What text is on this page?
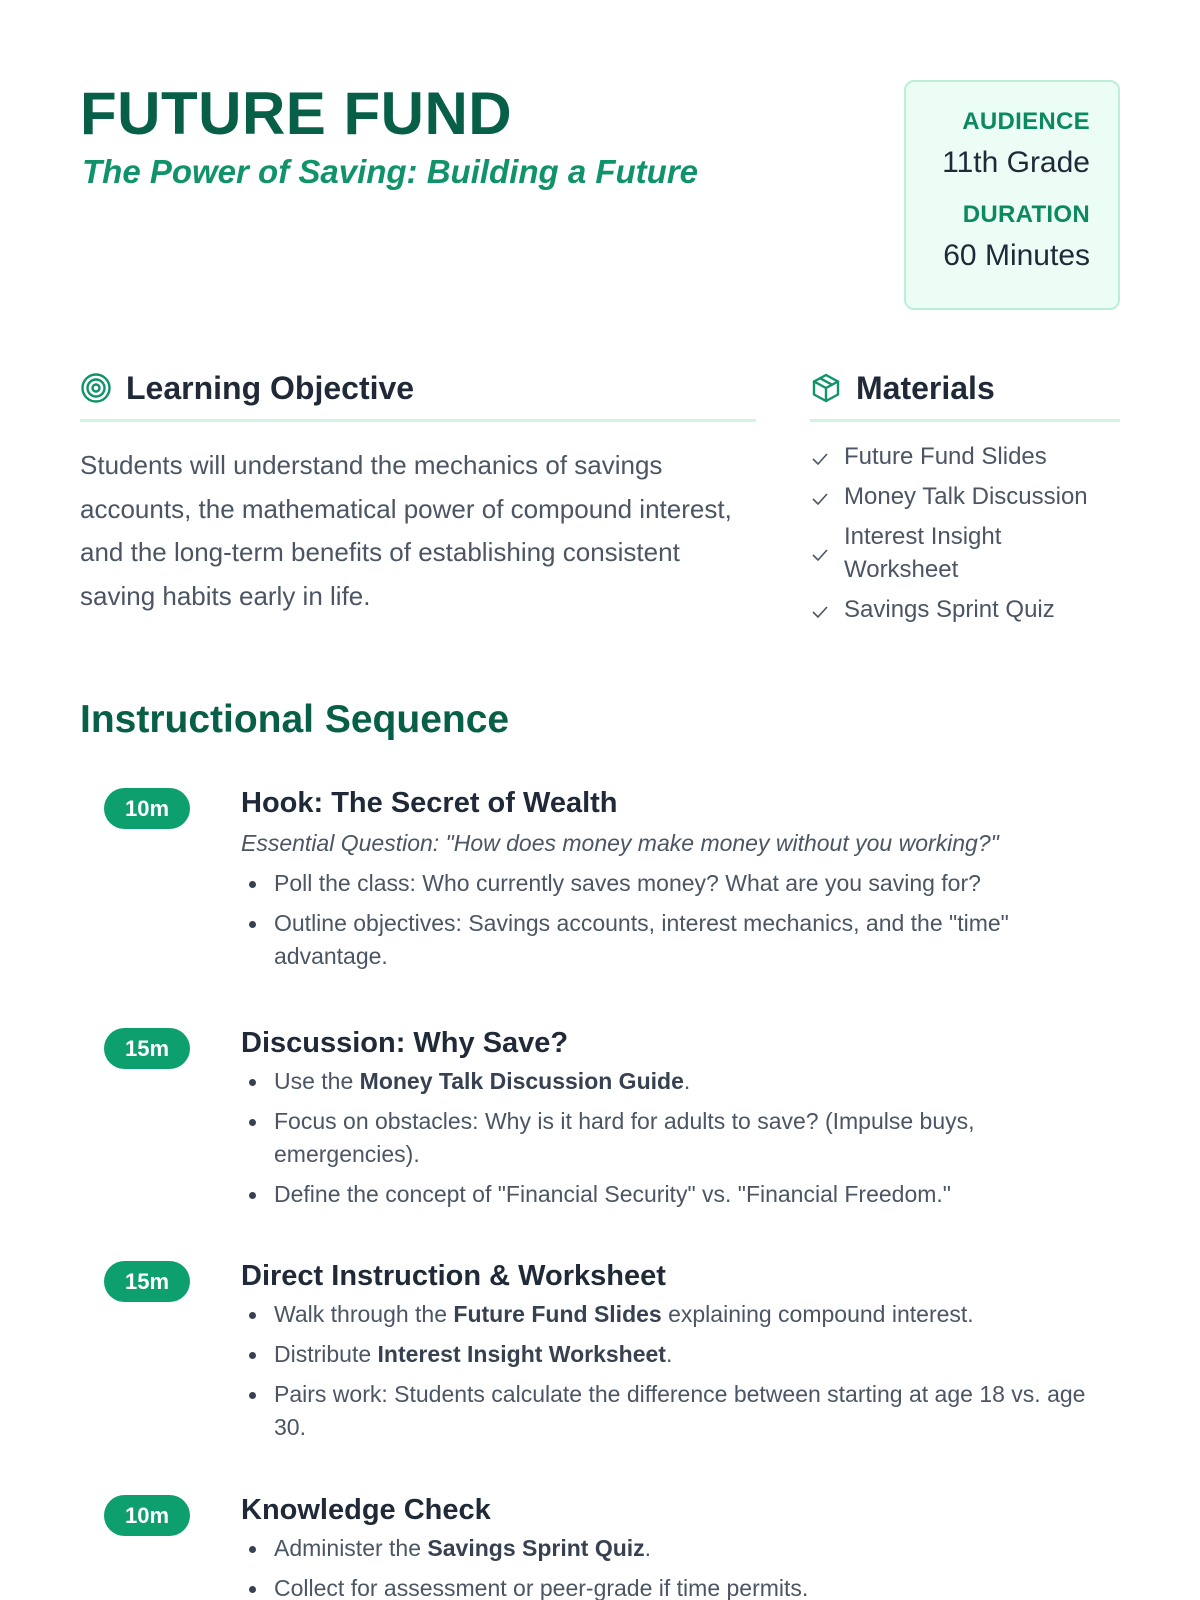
FUTURE FUND
The Power of Saving: Building a Future
AUDIENCE
11th Grade
DURATION
60 Minutes
Learning Objective	Materials

Students will understand the mechanics of savings accounts, the mathematical power of compound interest, and the long-term benefits of establishing consistent saving habits early in life.

Future Fund Slides
Money Talk Discussion
Interest Insight Worksheet
Savings Sprint Quiz
Instructional Sequence
10m	Hook: The Secret of Wealth
Essential Question: "How does money make money without you working?"
Poll the class: Who currently saves money? What are you saving for?
Outline objectives: Savings accounts, interest mechanics, and the "time" advantage.
15m	Discussion: Why Save?
Use the Money Talk Discussion Guide.
Focus on obstacles: Why is it hard for adults to save? (Impulse buys, emergencies).
Define the concept of "Financial Security" vs. "Financial Freedom."
15m	Direct Instruction & Worksheet
Walk through the Future Fund Slides explaining compound interest.
Distribute Interest Insight Worksheet.
Pairs work: Students calculate the difference between starting at age 18 vs. age 30.
10m	Knowledge Check
Administer the Savings Sprint Quiz.
Collect for assessment or peer-grade if time permits.
